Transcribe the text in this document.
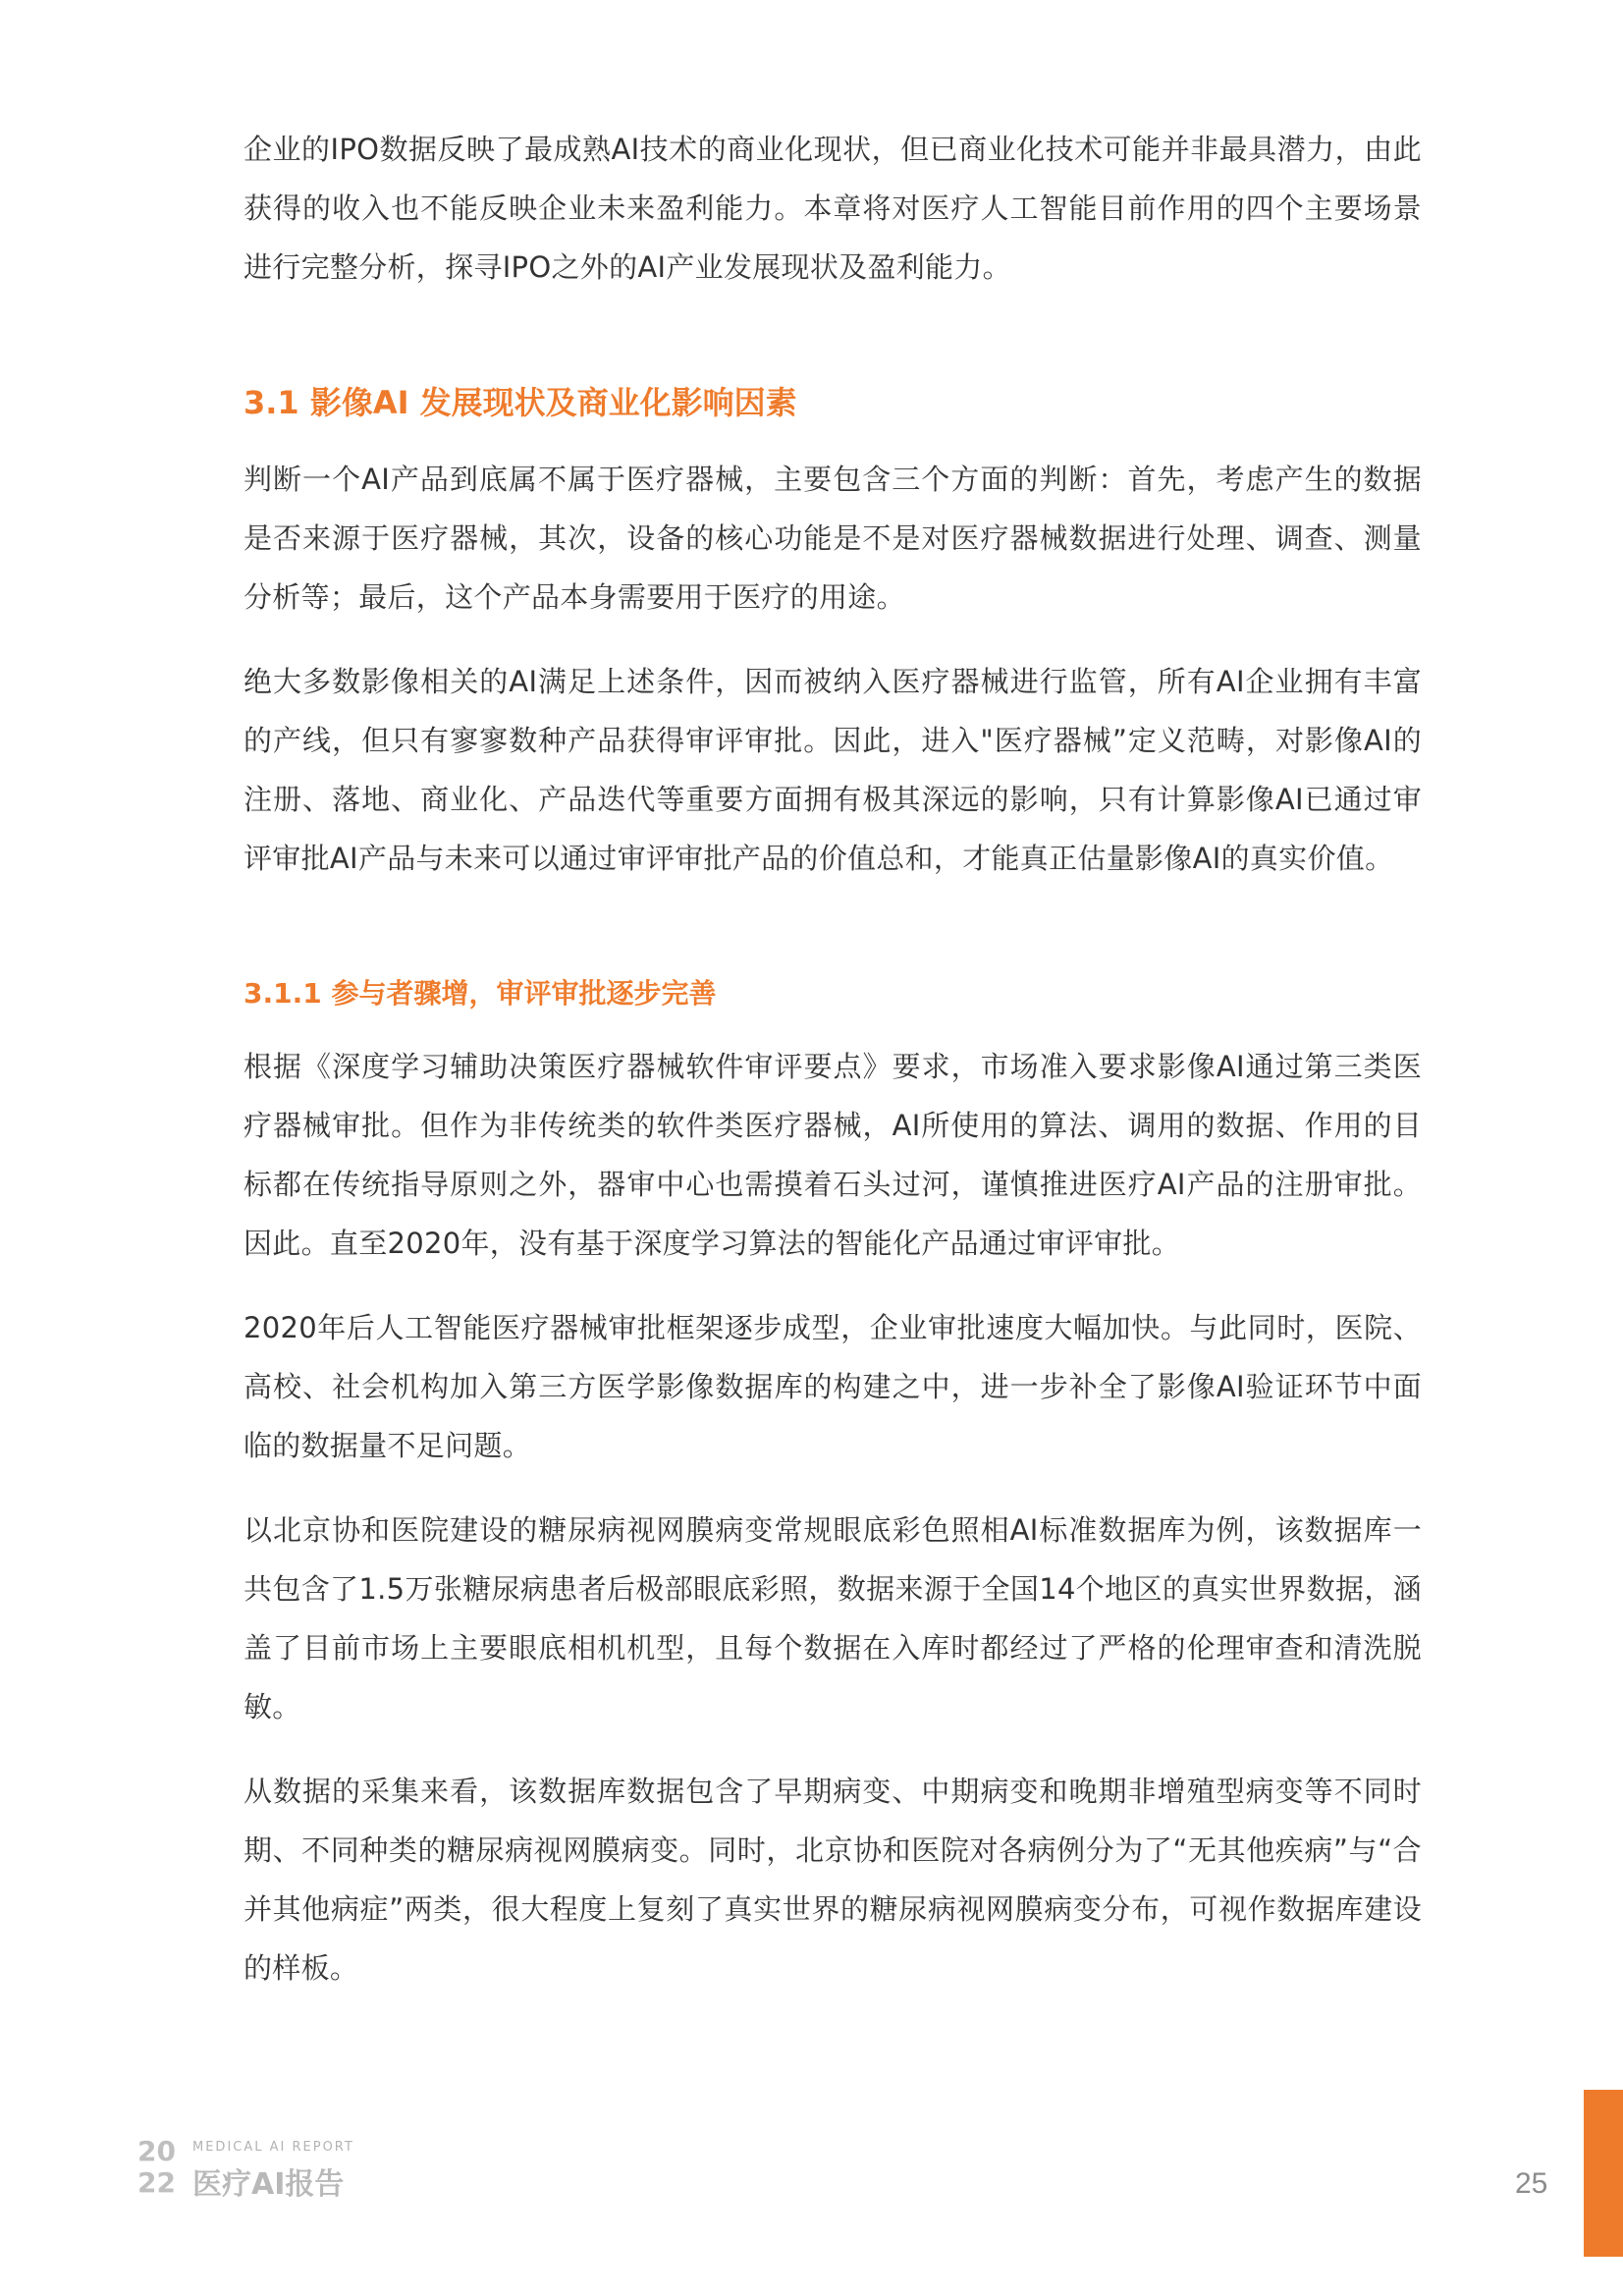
企业的IPO数据反映了最成熟AI技术的商业化现状，但已商业化技术可能并非最具潜力，由此获得的收入也不能反映企业未来盈利能力。本章将对医疗人工智能目前作用的四个主要场景进行完整分析，探寻IPO之外的AI产业发展现状及盈利能力。

3.1 影像AI 发展现状及商业化影响因素

判断一个AI产品到底属不属于医疗器械，主要包含三个方面的判断：首先，考虑产生的数据是否来源于医疗器械，其次，设备的核心功能是不是对医疗器械数据进行处理、调查、测量分析等；最后，这个产品本身需要用于医疗的用途。

绝大多数影像相关的AI满足上述条件，因而被纳入医疗器械进行监管，所有AI企业拥有丰富的产线，但只有寥寥数种产品获得审评审批。因此，进入"医疗器械”定义范畴，对影像AI的注册、落地、商业化、产品迭代等重要方面拥有极其深远的影响，只有计算影像AI已通过审评审批AI产品与未来可以通过审评审批产品的价值总和，才能真正估量影像AI的真实价值。

3.1.1 参与者骤增，审评审批逐步完善

根据《深度学习辅助决策医疗器械软件审评要点》要求，市场准入要求影像AI通过第三类医疗器械审批。但作为非传统类的软件类医疗器械，AI所使用的算法、调用的数据、作用的目标都在传统指导原则之外，器审中心也需摸着石头过河，谨慎推进医疗AI产品的注册审批。因此。直至2020年，没有基于深度学习算法的智能化产品通过审评审批。

2020年后人工智能医疗器械审批框架逐步成型，企业审批速度大幅加快。与此同时，医院、高校、社会机构加入第三方医学影像数据库的构建之中，进一步补全了影像AI验证环节中面临的数据量不足问题。

以北京协和医院建设的糖尿病视网膜病变常规眼底彩色照相AI标准数据库为例，该数据库一共包含了1.5万张糖尿病患者后极部眼底彩照，数据来源于全国14个地区的真实世界数据，涵盖了目前市场上主要眼底相机机型，且每个数据在入库时都经过了严格的伦理审查和清洗脱敏。

从数据的采集来看，该数据库数据包含了早期病变、中期病变和晚期非增殖型病变等不同时期、不同种类的糖尿病视网膜病变。同时，北京协和医院对各病例分为了“无其他疾病”与“合并其他病症”两类，很大程度上复刻了真实世界的糖尿病视网膜病变分布，可视作数据库建设的样板。

20
22
MEDICAL AI REPORT
医疗AI报告	25
